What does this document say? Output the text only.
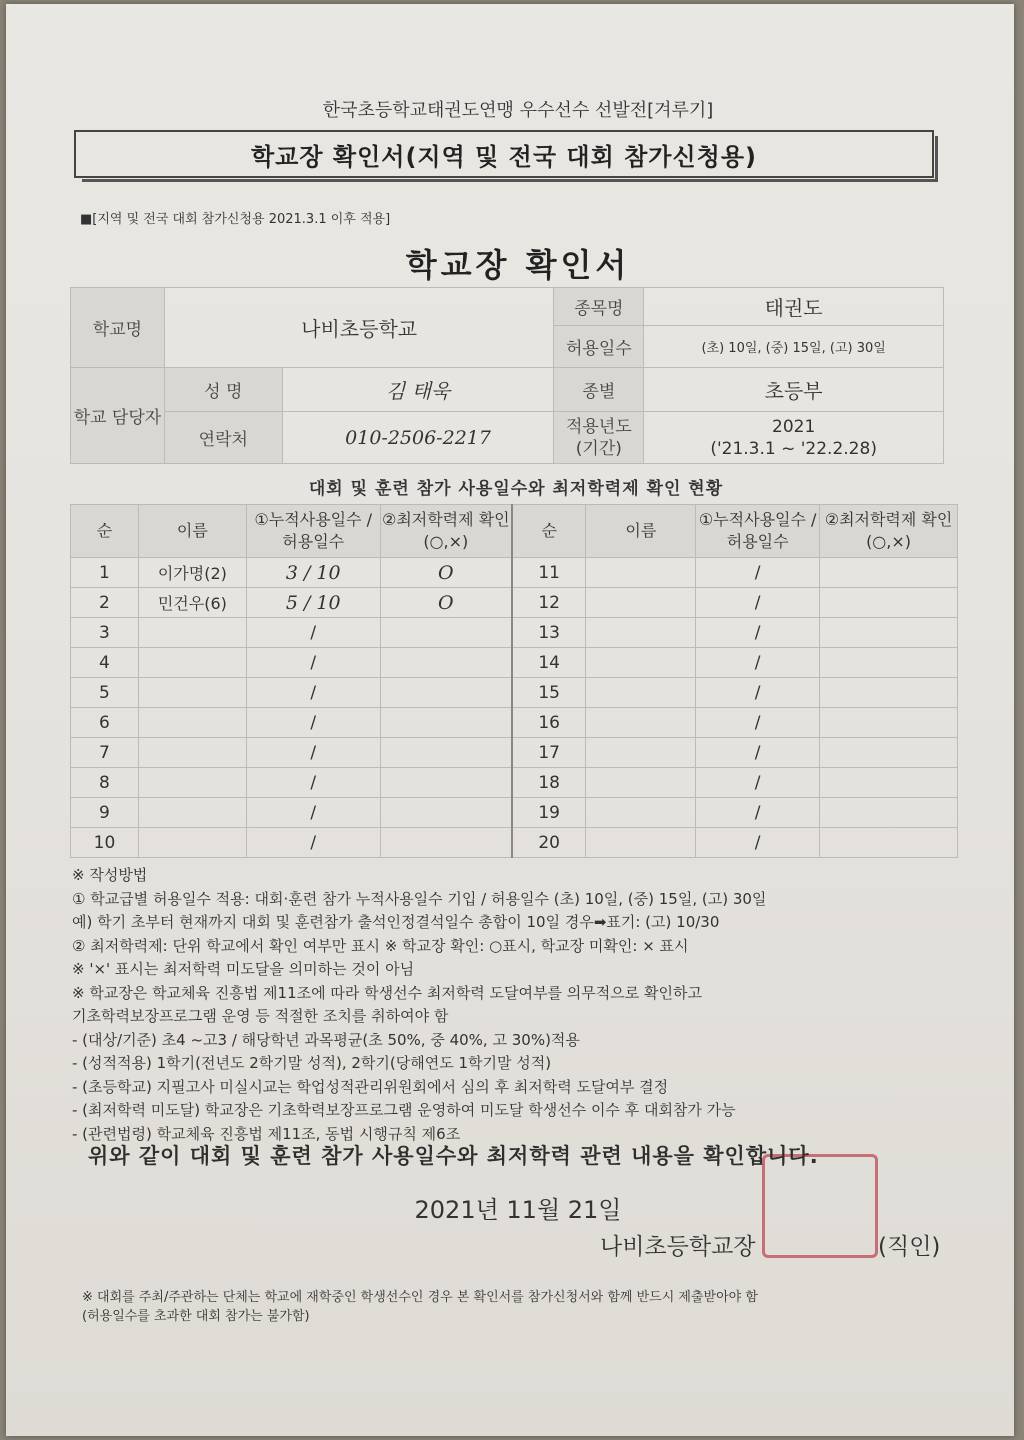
한국초등학교태권도연맹 우수선수 선발전[겨루기]
학교장 확인서(지역 및 전국 대회 참가신청용)
■[지역 및 전국 대회 참가신청용 2021.3.1 이후 적용]
학교장 확인서
학교명	나비초등학교		종목명	태권도
			허용일수	(초) 10일, (중) 15일, (고) 30일
학교 담당자	성 명	김 태욱	종별	초등부
	연락처	010-2506-2217	적용년도 (기간)	2021
('21.3.1 ~ '22.2.28)
대회 및 훈련 참가 사용일수와 최저학력제 확인 현황
순	이름	①누적사용일수 /허용일수	②최저학력제 확인(○,×)	순	이름	①누적사용일수 /허용일수	②최저학력제 확인(○,×)
1	이가명(2)	3 / 10	O	11		/	
2	민건우(6)	5 / 10	O	12		/	
3		/		13		/	
4		/		14		/	
5		/		15		/	
6		/		16		/	
7		/		17		/	
8		/		18		/	
9		/		19		/	
10		/		20		/	
※ 작성방법
① 학교급별 허용일수 적용: 대회·훈련 참가 누적사용일수 기입 / 허용일수 (초) 10일, (중) 15일, (고) 30일
예) 학기 초부터 현재까지 대회 및 훈련참가 출석인정결석일수 총합이 10일 경우➡표기: (고) 10/30
② 최저학력제: 단위 학교에서 확인 여부만 표시 ※ 학교장 확인: ○표시, 학교장 미확인: × 표시
※ '×' 표시는 최저학력 미도달을 의미하는 것이 아님
※ 학교장은 학교체육 진흥법 제11조에 따라 학생선수 최저학력 도달여부를 의무적으로 확인하고
기초학력보장프로그램 운영 등 적절한 조치를 취하여야 함
- (대상/기준) 초4 ~고3 / 해당학년 과목평균(초 50%, 중 40%, 고 30%)적용
- (성적적용) 1학기(전년도 2학기말 성적), 2학기(당해연도 1학기말 성적)
- (초등학교) 지필고사 미실시교는 학업성적관리위원회에서 심의 후 최저학력 도달여부 결정
- (최저학력 미도달) 학교장은 기초학력보장프로그램 운영하여 미도달 학생선수 이수 후 대회참가 가능
- (관련법령) 학교체육 진흥법 제11조, 동법 시행규칙 제6조
위와 같이 대회 및 훈련 참가 사용일수와 최저학력 관련 내용을 확인합니다.
2021년 11월 21일
나비초등학교장	(직인)
※ 대회를 주최/주관하는 단체는 학교에 재학중인 학생선수인 경우 본 확인서를 참가신청서와 함께 반드시 제출받아야 함
(허용일수를 초과한 대회 참가는 불가함)
